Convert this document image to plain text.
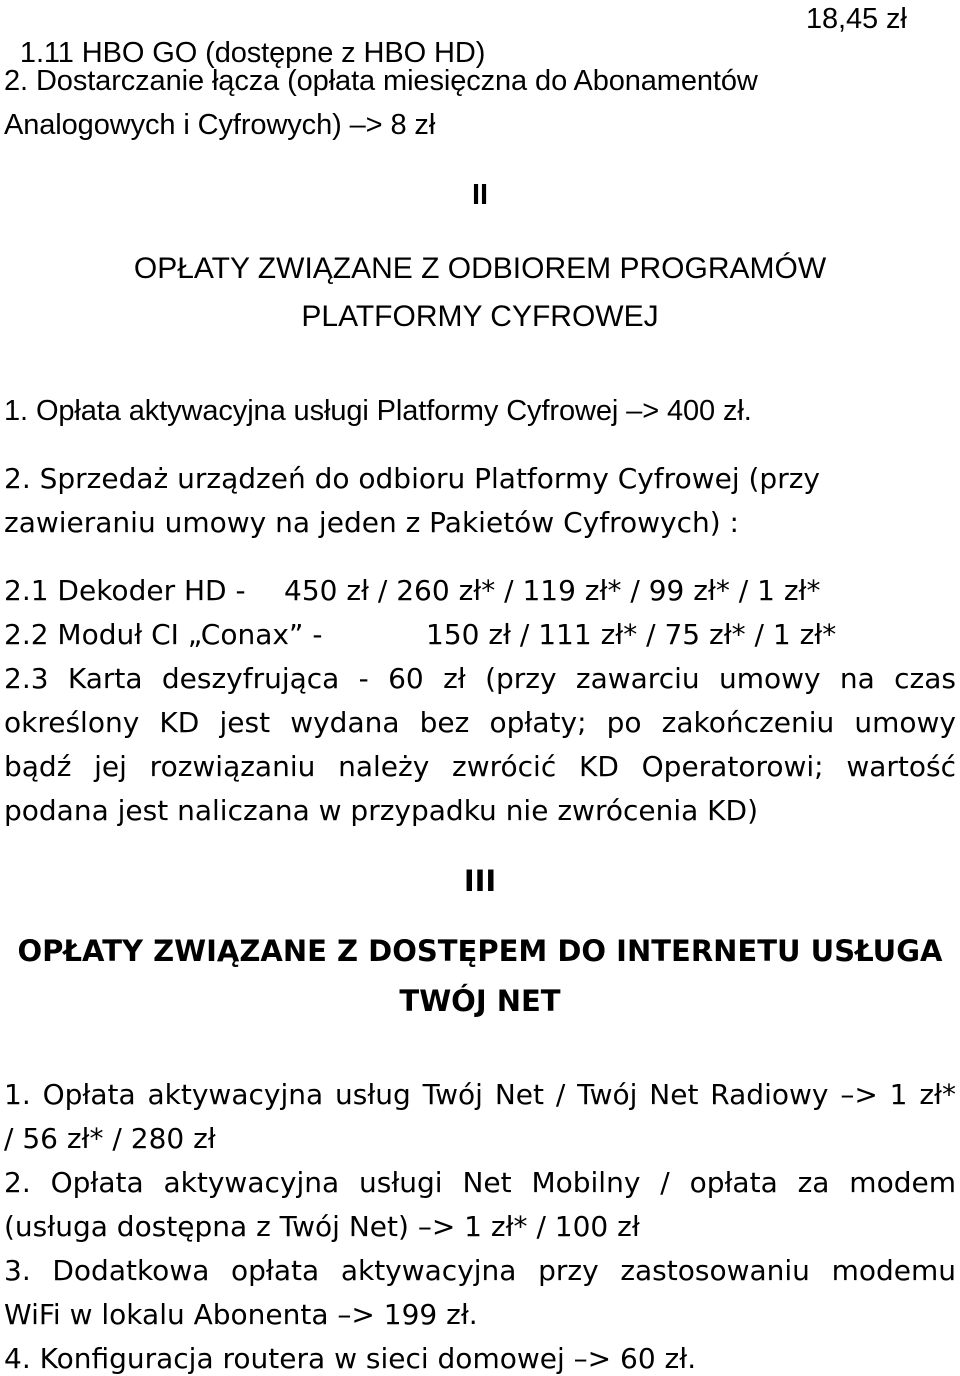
1.11 HBO GO (dostępne z HBO HD)

18,45 zł

2. Dostarczanie łącza (opłata miesięczna do Abonamentów

Analogowych i Cyfrowych) –> 8 zł

II

OPŁATY ZWIĄZANE Z ODBIOREM PROGRAMÓW

PLATFORMY CYFROWEJ

1. Opłata aktywacyjna usługi Platformy Cyfrowej –> 400 zł.

2. Sprzedaż urządzeń do odbioru Platformy Cyfrowej (przy

zawieraniu umowy na jeden z Pakietów Cyfrowych) :

2.1 Dekoder HD - 450 zł / 260 zł* / 119 zł* / 99 zł* / 1 zł*

2.2 Moduł CI „Conax” -	150 zł / 111 zł* / 75 zł* / 1 zł*

2.3 Karta deszyfrująca - 60 zł (przy zawarciu umowy na czas

określony KD jest wydana bez opłaty; po zakończeniu umowy

bądź jej rozwiązaniu należy zwrócić KD Operatorowi; wartość

podana jest naliczana w przypadku nie zwrócenia KD)

III

OPŁATY ZWIĄZANE Z DOSTĘPEM DO INTERNETU USŁUGA

TWÓJ NET

1. Opłata aktywacyjna usług Twój Net / Twój Net Radiowy –> 1 zł*

/ 56 zł* / 280 zł

2. Opłata aktywacyjna usługi Net Mobilny / opłata za modem

(usługa dostępna z Twój Net) –> 1 zł* / 100 zł

3. Dodatkowa opłata aktywacyjna przy zastosowaniu modemu

WiFi w lokalu Abonenta –> 199 zł.

4. Konfiguracja routera w sieci domowej –> 60 zł.
